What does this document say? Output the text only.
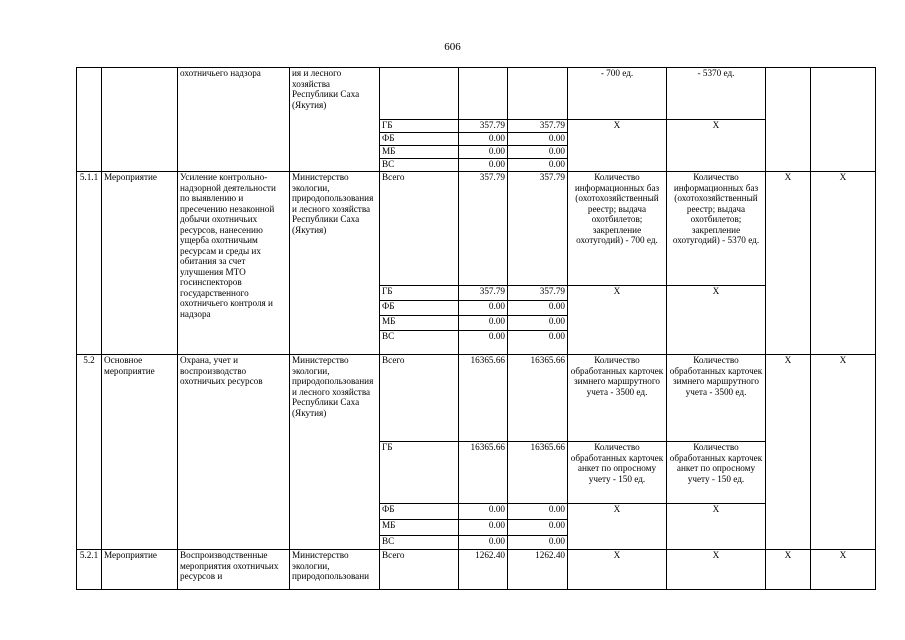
606
		охотничьего надзора	ия и лесного хозяйства Республики Саха (Якутия)				- 700 ед.	- 5370 ед.		
				ГБ	357.79	357.79	Х	Х		
				ФБ	0.00	0.00				
				МБ	0.00	0.00				
				ВС	0.00	0.00				
5.1.1	Мероприятие	Усиление контрольно-надзорной деятельности по выявлению и пресечению незаконной добычи охотничьих ресурсов, нанесению ущерба охотничьим ресурсам и среды их обитания за счет улучшения МТО госинспекторов государственного охотничьего контроля и надзора	Министерство экологии, природопользования и лесного хозяйства Республики Саха (Якутия)	Всего	357.79	357.79	Количество информационных баз (охотохозяйственный реестр; выдача охотбилетов; закрепление охотугодий) - 700 ед.	Количество информационных баз (охотохозяйственный реестр; выдача охотбилетов; закрепление охотугодий) - 5370 ед.	Х	Х
				ГБ	357.79	357.79	Х	Х		
				ФБ	0.00	0.00				
				МБ	0.00	0.00				
				ВС	0.00	0.00				
5.2	Основное мероприятие	Охрана, учет и воспроизводство охотничьих ресурсов	Министерство экологии, природопользования и лесного хозяйства Республики Саха (Якутия)	Всего	16365.66	16365.66	Количество обработанных карточек зимнего маршрутного учета - 3500 ед.	Количество обработанных карточек зимнего маршрутного учета - 3500 ед.	Х	Х
				ГБ	16365.66	16365.66	Количество обработанных карточек анкет по опросному учету - 150 ед.	Количество обработанных карточек анкет по опросному учету - 150 ед.		
				ФБ	0.00	0.00	Х	Х		
				МБ	0.00	0.00				
				ВС	0.00	0.00				
5.2.1	Мероприятие	Воспроизводственные мероприятия охотничьих ресурсов и	Министерство экологии, природопользовани	Всего	1262.40	1262.40	Х	Х	Х	Х
